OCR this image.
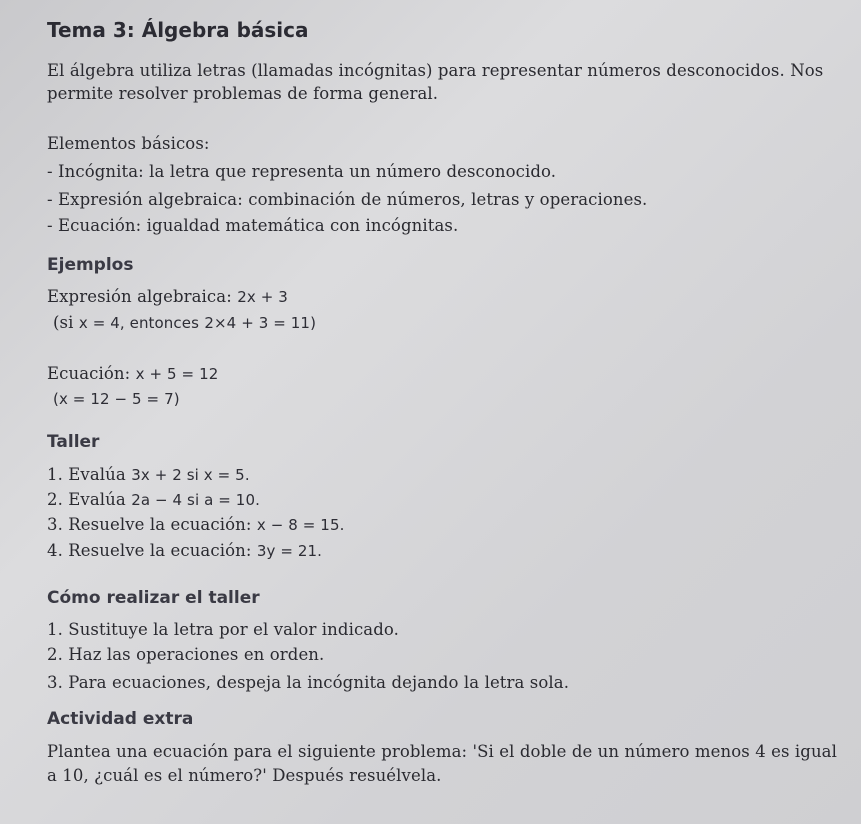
Tema 3: Álgebra básica

El álgebra utiliza letras (llamadas incógnitas) para representar números desconocidos. Nos

permite resolver problemas de forma general.

Elementos básicos:

- Incógnita: la letra que representa un número desconocido.

- Expresión algebraica: combinación de números, letras y operaciones.

- Ecuación: igualdad matemática con incógnitas.

Ejemplos

Expresión algebraica: 2x + 3

(si x = 4, entonces 2×4 + 3 = 11)

Ecuación: x + 5 = 12

(x = 12 − 5 = 7)

Taller

1. Evalúa 3x + 2 si x = 5.

2. Evalúa 2a − 4 si a = 10.

3. Resuelve la ecuación: x − 8 = 15.

4. Resuelve la ecuación: 3y = 21.

Cómo realizar el taller

1. Sustituye la letra por el valor indicado.

2. Haz las operaciones en orden.

3. Para ecuaciones, despeja la incógnita dejando la letra sola.

Actividad extra

Plantea una ecuación para el siguiente problema: 'Si el doble de un número menos 4 es igual

a 10, ¿cuál es el número?' Después resuélvela.
